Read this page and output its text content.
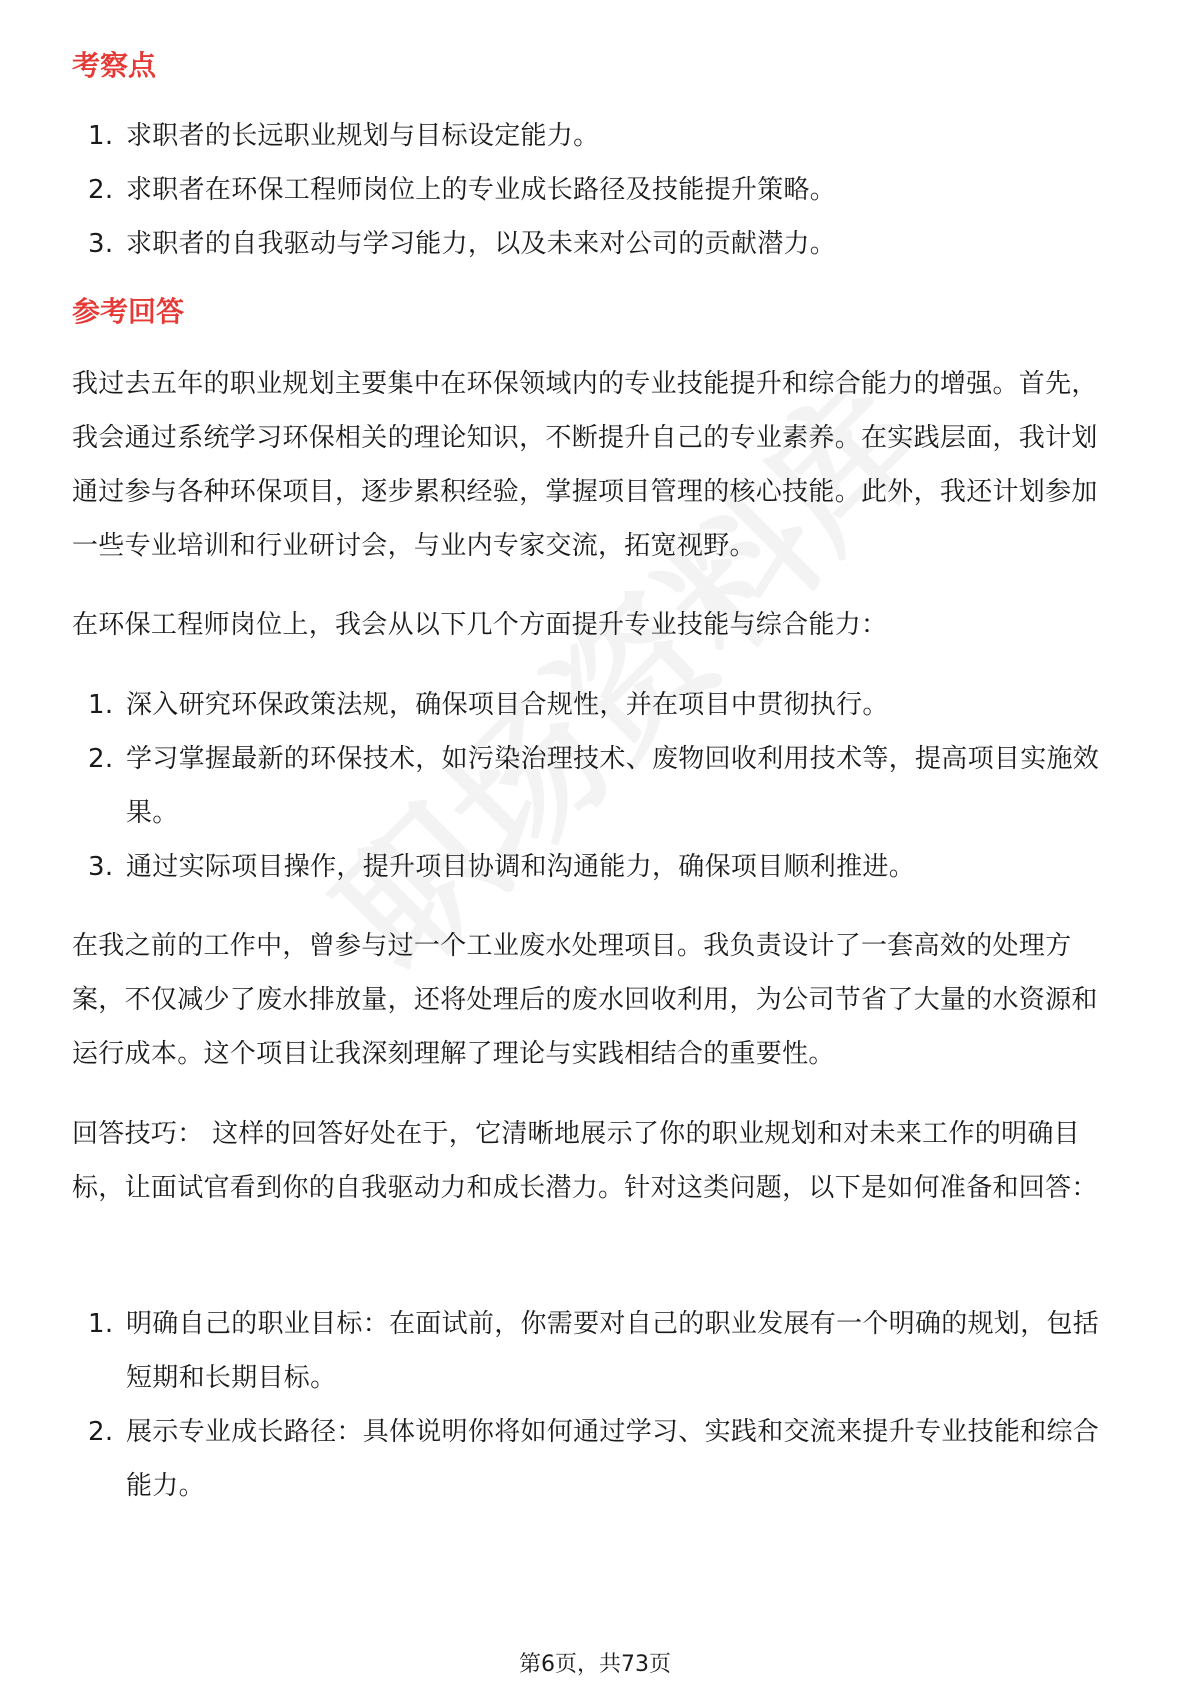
考察点
1. 求职者的长远职业规划与目标设定能力。
2. 求职者在环保工程师岗位上的专业成长路径及技能提升策略。
3. 求职者的自我驱动与学习能力，以及未来对公司的贡献潜力。
参考回答

我过去五年的职业规划主要集中在环保领域内的专业技能提升和综合能力的增强。首先，我会通过系统学习环保相关的理论知识，不断提升自己的专业素养。在实践层面，我计划通过参与各种环保项目，逐步累积经验，掌握项目管理的核心技能。此外，我还计划参加一些专业培训和行业研讨会，与业内专家交流，拓宽视野。

在环保工程师岗位上，我会从以下几个方面提升专业技能与综合能力：

1. 深入研究环保政策法规，确保项目合规性，并在项目中贯彻执行。
2. 学习掌握最新的环保技术，如污染治理技术、废物回收利用技术等，提高项目实施效果。
3. 通过实际项目操作，提升项目协调和沟通能力，确保项目顺利推进。

在我之前的工作中，曾参与过一个工业废水处理项目。我负责设计了一套高效的处理方案，不仅减少了废水排放量，还将处理后的废水回收利用，为公司节省了大量的水资源和运行成本。这个项目让我深刻理解了理论与实践相结合的重要性。

回答技巧： 这样的回答好处在于，它清晰地展示了你的职业规划和对未来工作的明确目标，让面试官看到你的自我驱动力和成长潜力。针对这类问题，以下是如何准备和回答：

1. 明确自己的职业目标：在面试前，你需要对自己的职业发展有一个明确的规划，包括短期和长期目标。
2. 展示专业成长路径：具体说明你将如何通过学习、实践和交流来提升专业技能和综合能力。
第6页，共73页
